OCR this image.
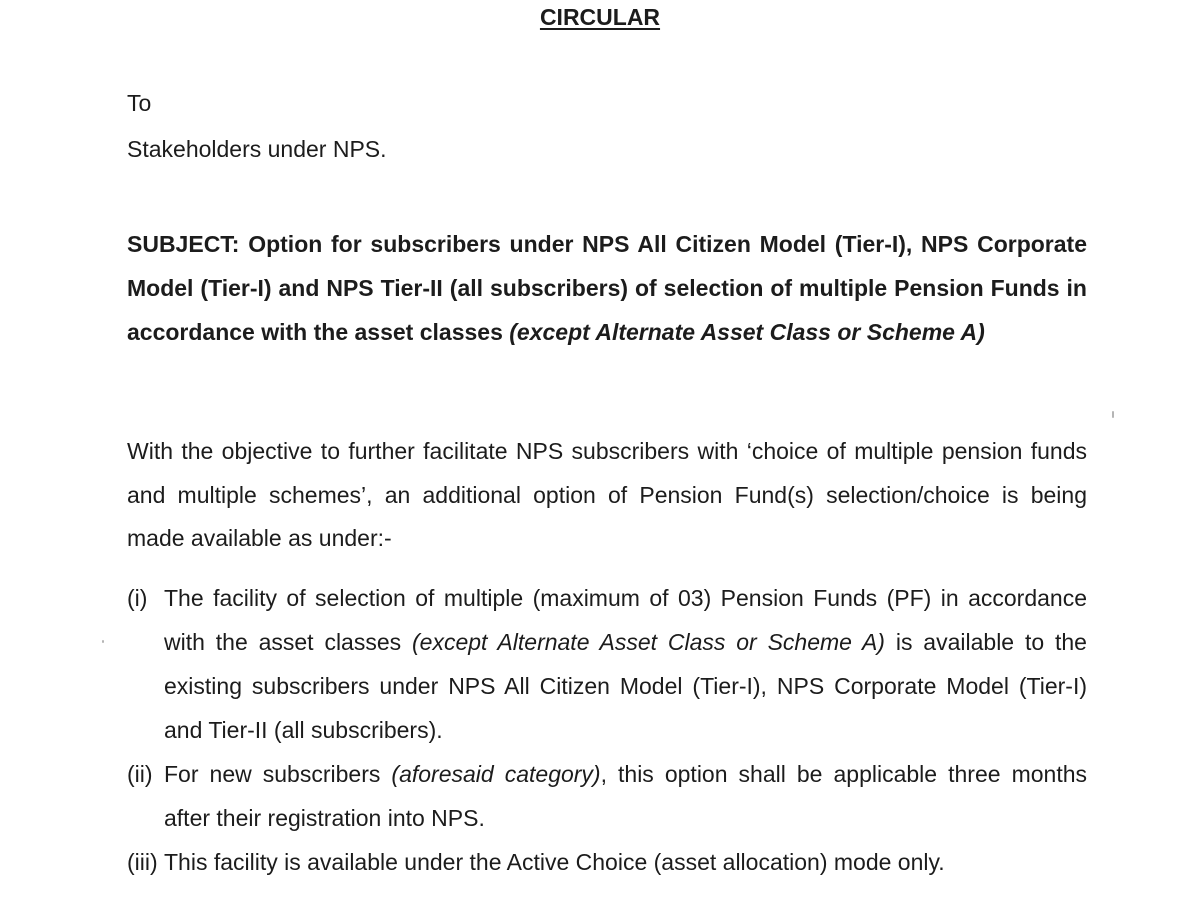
CIRCULAR
To
Stakeholders under NPS.
SUBJECT: Option for subscribers under NPS All Citizen Model (Tier-I), NPS Corporate Model (Tier-I) and NPS Tier-II (all subscribers) of selection of multiple Pension Funds in accordance with the asset classes (except Alternate Asset Class or Scheme A)
With the objective to further facilitate NPS subscribers with ‘choice of multiple pension funds and multiple schemes’, an additional option of Pension Fund(s) selection/choice is being made available as under:-
(i) The facility of selection of multiple (maximum of 03) Pension Funds (PF) in accordance with the asset classes (except Alternate Asset Class or Scheme A) is available to the existing subscribers under NPS All Citizen Model (Tier-I), NPS Corporate Model (Tier-I) and Tier-II (all subscribers).
(ii) For new subscribers (aforesaid category), this option shall be applicable three months after their registration into NPS.
(iii) This facility is available under the Active Choice (asset allocation) mode only.
